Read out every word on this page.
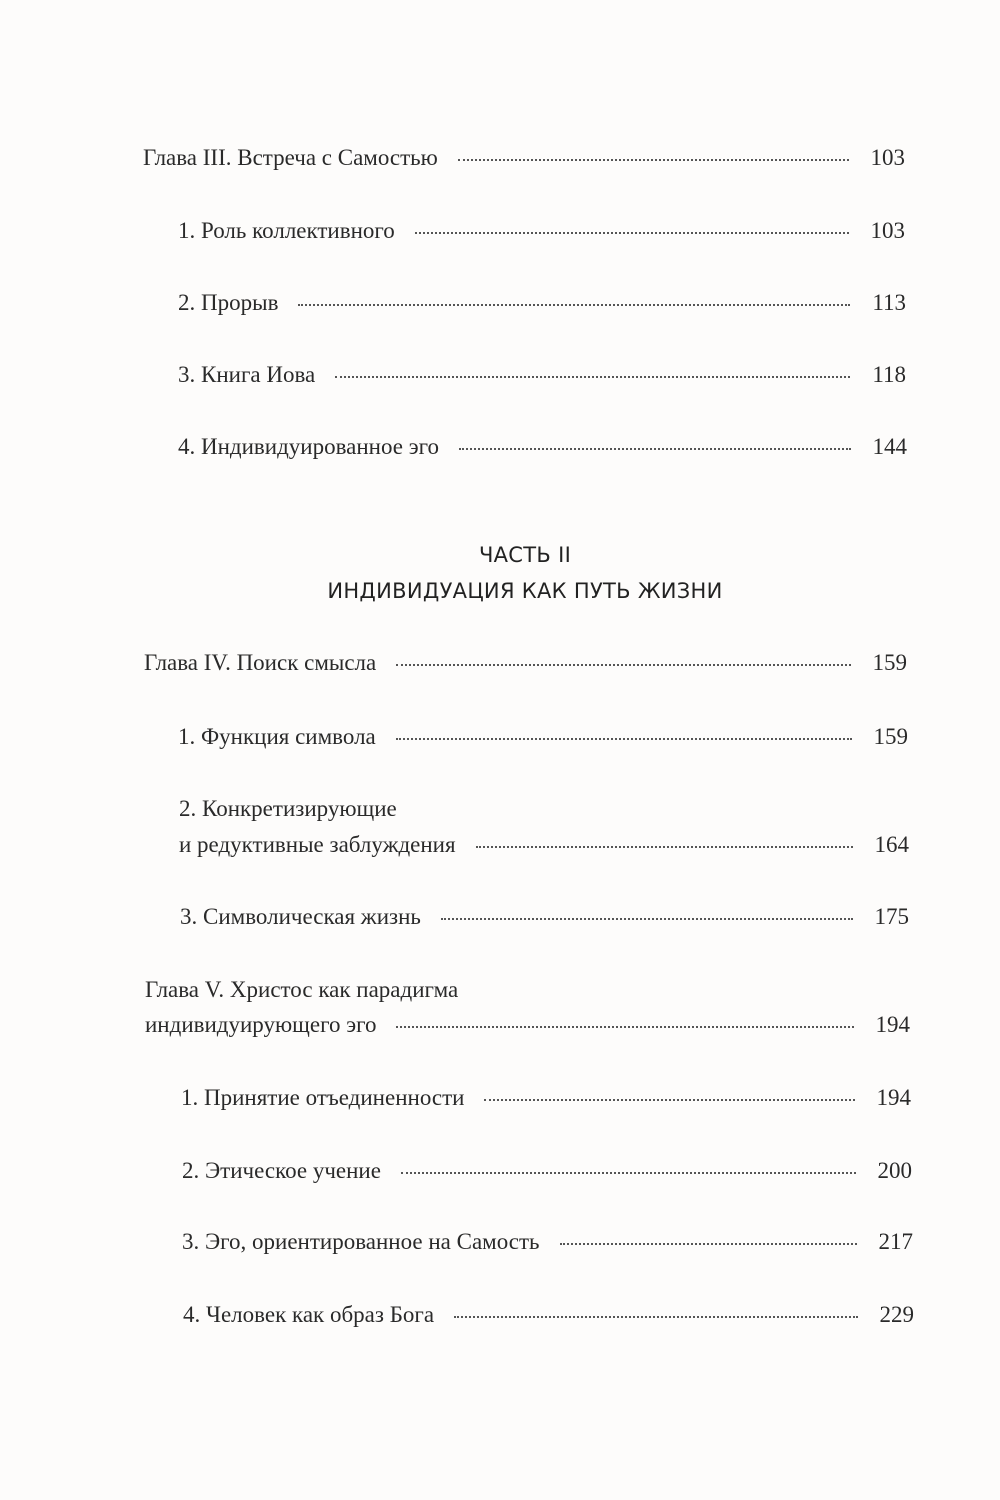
Глава III. Встреча с Самостью	103
1. Роль коллективного	103
2. Прорыв	113
3. Книга Иова	118
4. Индивидуированное эго	144
ЧАСТЬ II
ИНДИВИДУАЦИЯ КАК ПУТЬ ЖИЗНИ
Глава IV. Поиск смысла	159
1. Функция символа	159
2. Конкретизирующие
и редуктивные заблуждения	164
3. Символическая жизнь	175
Глава V. Христос как парадигма
индивидуирующего эго	194
1. Принятие отъединенности	194
2. Этическое учение	200
3. Эго, ориентированное на Самость	217
4. Человек как образ Бога	229
